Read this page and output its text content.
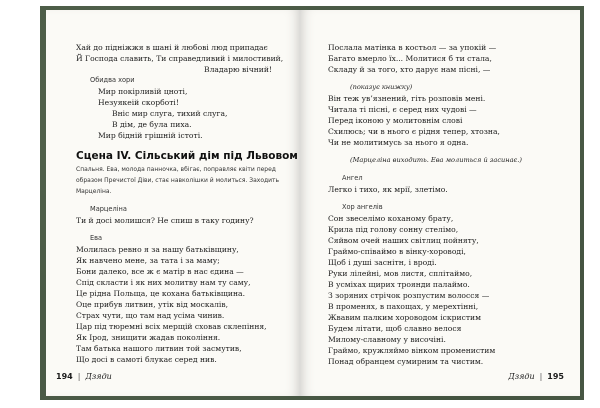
Хай до підніжжя в шані й любові люд припадає
Й Господа славить, Ти справедливий і милостивий,
Владарю вічний!
Обидва хори
Мир покірливій цноті,
Незуякеій скорботі!
Вніс мир слуга, тихий слуга,
В дім, де була пиха.
Мир бідній грішній істоті.
Сцена IV. Сільський дім під Львовом
Спальня. Ева, молода панночка, вбігає, поправляє квіти перед
образом Пречистої Діви, стає навколішки й молиться. Заходить
Марцеліна.
Марцеліна
Ти й досі молишся? Не спиш в таку годину?
Ева
Молилась ревно я за нашу батьківщину,
Як навчено мене, за тата і за маму;
Бони далеко, все ж є матір в нас єдина —
Спід скласти і як них молитву нам ту саму,
Це рідна Польща, це кохана батьківщина.
Оце прибув литвин, утік від москалів,
Страх чути, що там над усіма чинив.
Цар під тюремні всіх мерщій сховав склепіння,
Як Ірод, знищити жадав покоління.
Там батька нашого литвин той засмутив,
Що досі в самоті блукає серед нив.
194 | Дзяди
Послала матінка в костьол — за упокій —
Багато вмерло їх... Молитися б ти стала,
Складу й за того, хто дарує нам пісні, —
(показує книжку)
Він теж ув’язнений, гіть розповів мені.
Читала ті пісні, є серед них чудові —
Перед іконою у молитовнім слові
Схилюсь; чи в нього є рідня тепер, хтозна,
Чи не молитимусь за нього я одна.
(Марцеліна виходить. Ева молиться й засинає.)
Ангел
Легко і тихо, як мрії, злетімо.
Хор ангелів
Сон звеселімо коханому брату,
Крила під голову сонну стелімо,
Сяйвом очей наших світлиц пойняту,
Граймо-співаймо в вінку-хороводі,
Щоб і душі заснітн, і вроді.
Руки лілейні, мов листя, сплітаймо,
В усміхах щирих троянди палаймо.
З зоряних стрічок розпустим волосся —
В променях, в пахощах, у мерехтінні,
Жвавим палким хороводом іскристим
Будем літати, щоб славно велося
Милому-славному у височіні.
Граймо, кружляймо вінком променистим
Понад обранцем сумирним та чистим.
Дзяди | 195
